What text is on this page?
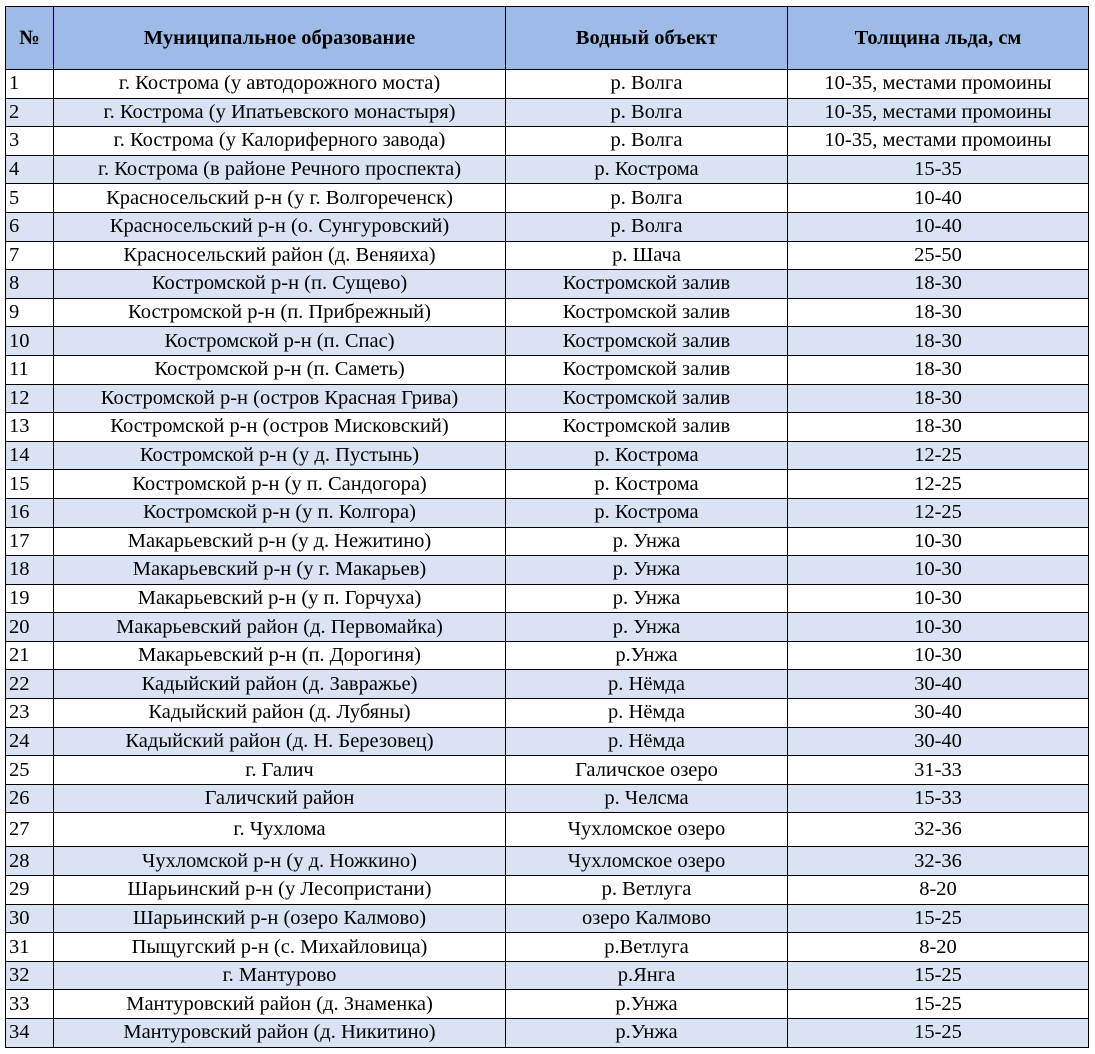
№	Муниципальное образование	Водный объект	Толщина льда, см
1	г. Кострома (у автодорожного моста)	р. Волга	10-35, местами промоины
2	г. Кострома (у Ипатьевского монастыря)	р. Волга	10-35, местами промоины
3	г. Кострома (у Калориферного завода)	р. Волга	10-35, местами промоины
4	г. Кострома (в районе Речного проспекта)	р. Кострома	15-35
5	Красносельский р-н (у г. Волгореченск)	р. Волга	10-40
6	Красносельский р-н (о. Сунгуровский)	р. Волга	10-40
7	Красносельский район (д. Веняиха)	р. Шача	25-50
8	Костромской р-н (п. Сущево)	Костромской залив	18-30
9	Костромской р-н (п. Прибрежный)	Костромской залив	18-30
10	Костромской р-н (п. Спас)	Костромской залив	18-30
11	Костромской р-н (п. Саметь)	Костромской залив	18-30
12	Костромской р-н (остров Красная Грива)	Костромской залив	18-30
13	Костромской р-н (остров Мисковский)	Костромской залив	18-30
14	Костромской р-н (у д. Пустынь)	р. Кострома	12-25
15	Костромской р-н (у п. Сандогора)	р. Кострома	12-25
16	Костромской р-н (у п. Колгора)	р. Кострома	12-25
17	Макарьевский р-н (у д. Нежитино)	р. Унжа	10-30
18	Макарьевский р-н (у г. Макарьев)	р. Унжа	10-30
19	Макарьевский р-н (у п. Горчуха)	р. Унжа	10-30
20	Макарьевский район (д. Первомайка)	р. Унжа	10-30
21	Макарьевский р-н (п. Дорогиня)	р.Унжа	10-30
22	Кадыйский район (д. Завражье)	р. Нёмда	30-40
23	Кадыйский район (д. Лубяны)	р. Нёмда	30-40
24	Кадыйский район (д. Н. Березовец)	р. Нёмда	30-40
25	г. Галич	Галичское озеро	31-33
26	Галичский район	р. Челсма	15-33
27	г. Чухлома	Чухломское озеро	32-36
28	Чухломской р-н (у д. Ножкино)	Чухломское озеро	32-36
29	Шарьинский р-н (у Лесопристани)	р. Ветлуга	8-20
30	Шарьинский р-н (озеро Калмово)	озеро Калмово	15-25
31	Пыщугский р-н (с. Михайловица)	р.Ветлуга	8-20
32	г. Мантурово	р.Янга	15-25
33	Мантуровский район (д. Знаменка)	р.Унжа	15-25
34	Мантуровский район (д. Никитино)	р.Унжа	15-25
